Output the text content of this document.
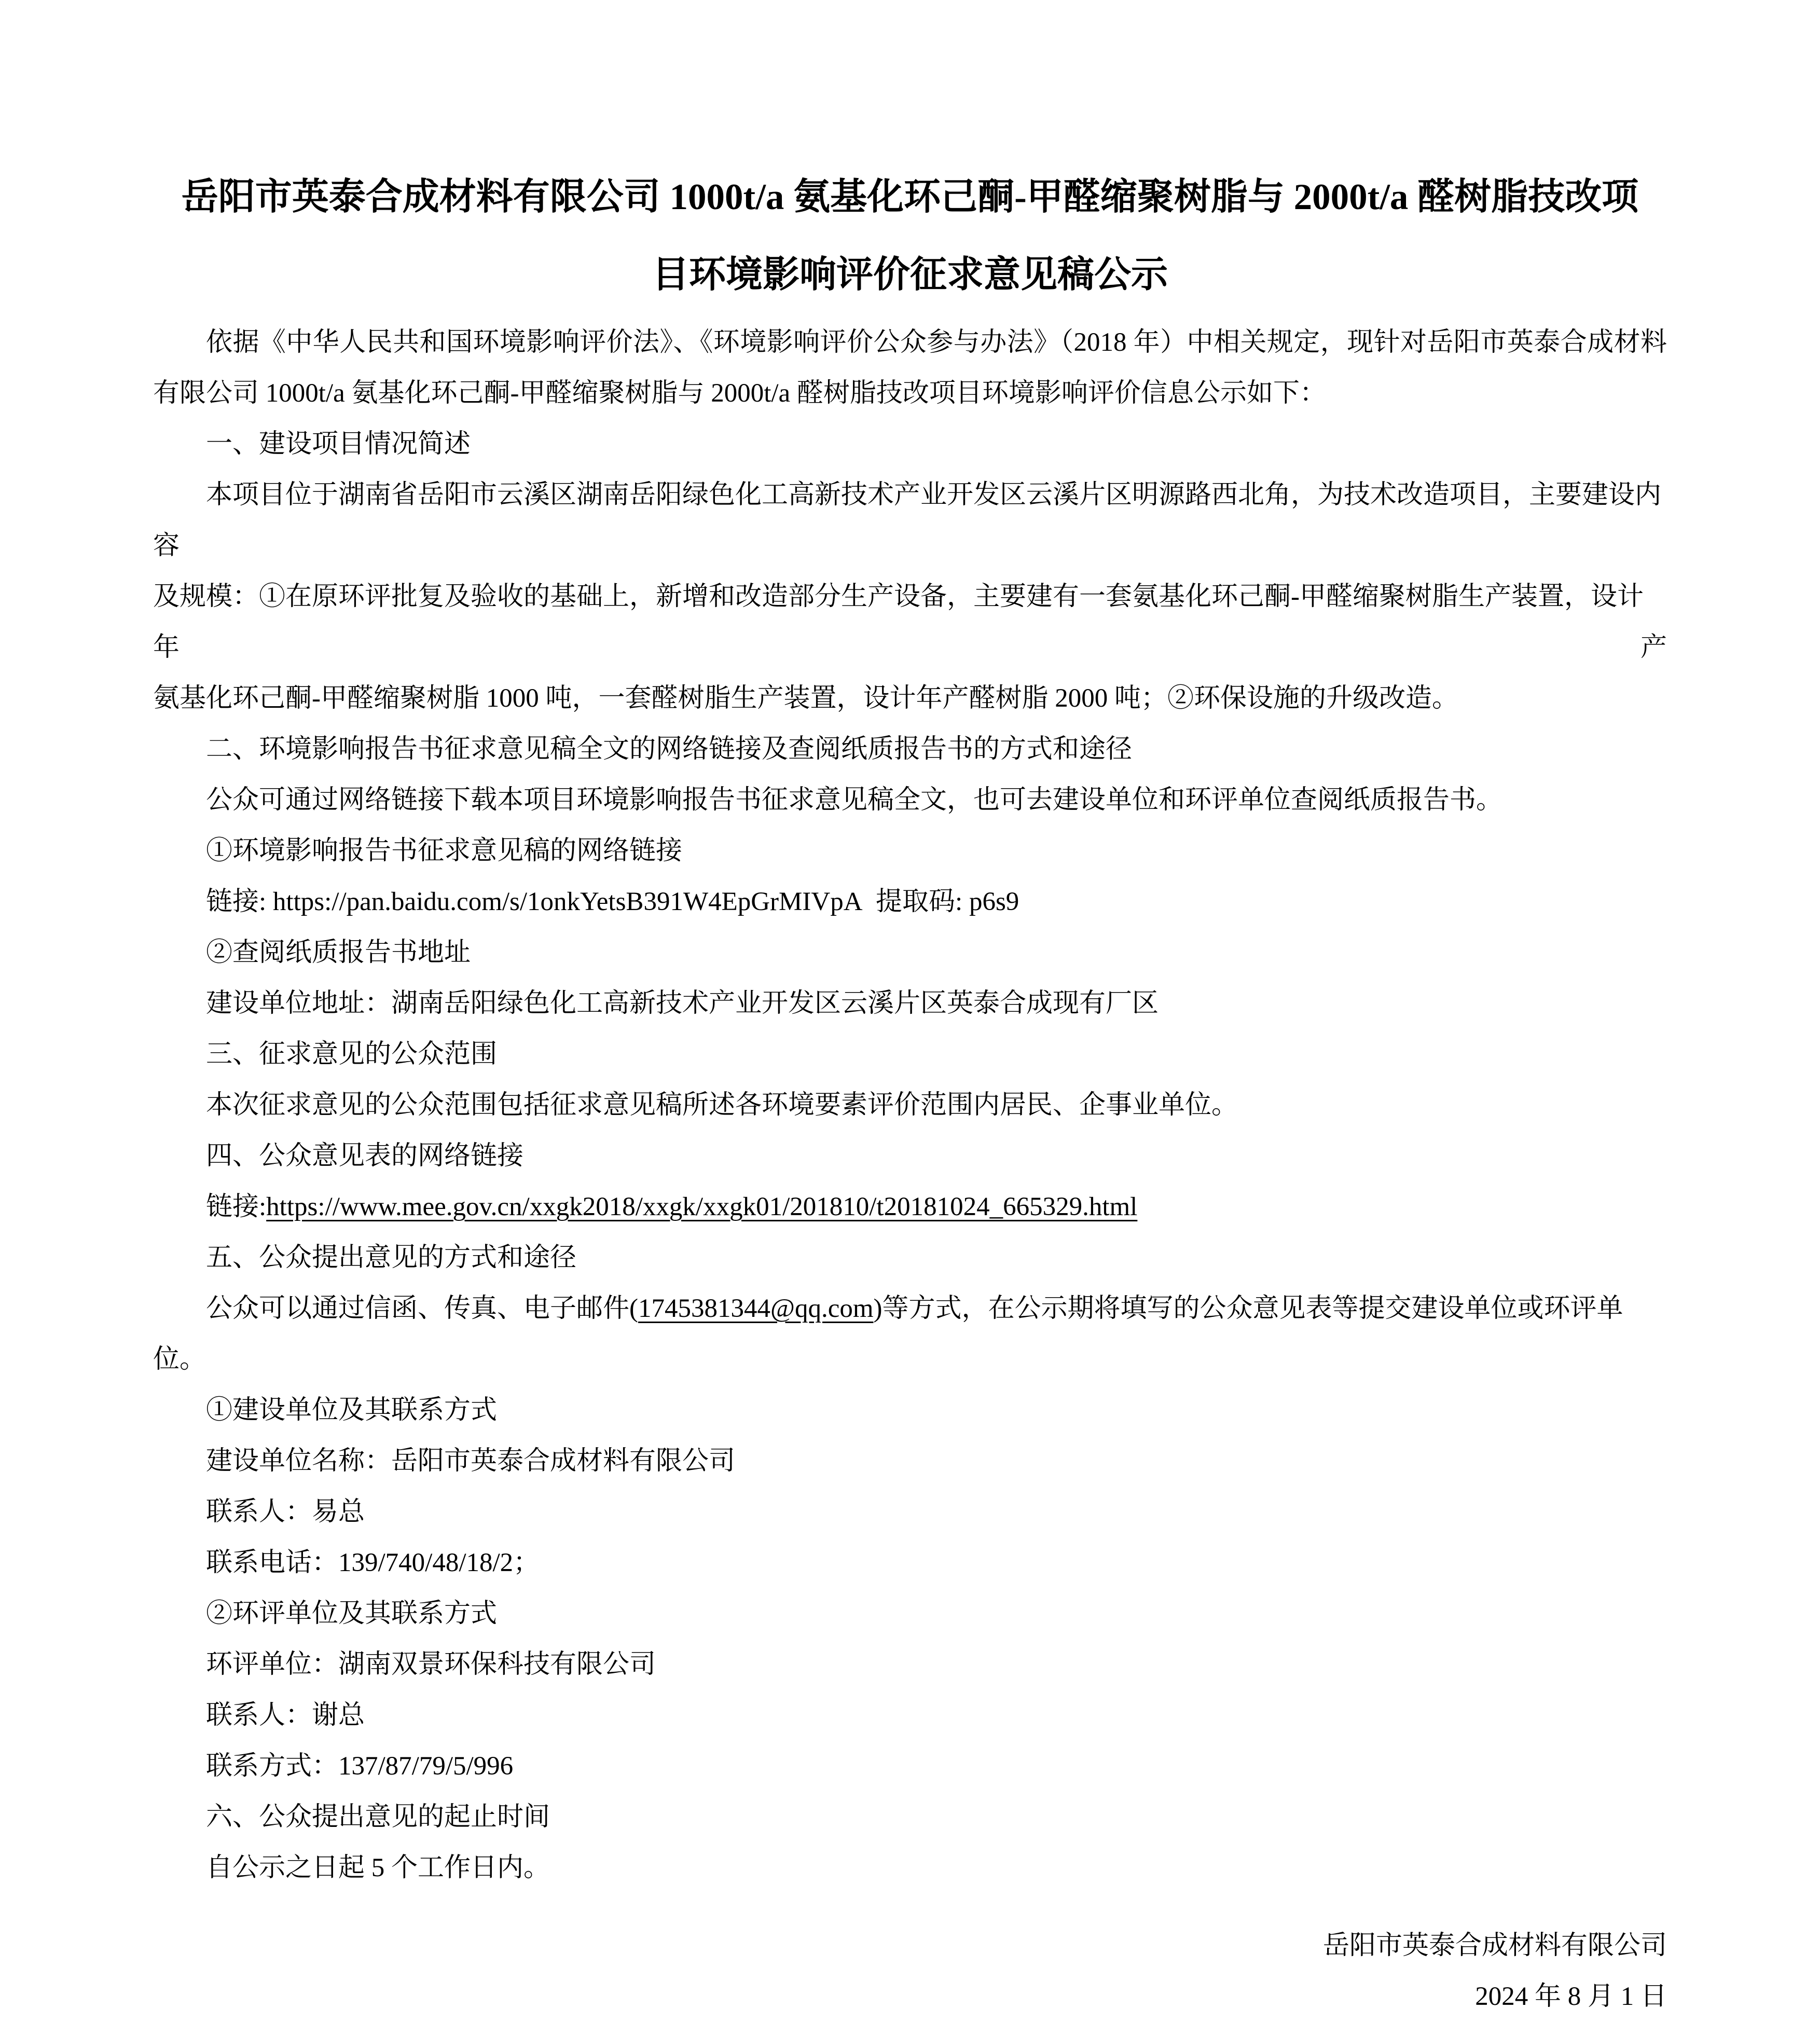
岳阳市英泰合成材料有限公司 1000t/a 氨基化环己酮-甲醛缩聚树脂与 2000t/a 醛树脂技改项

目环境影响评价征求意见稿公示

依据《中华人民共和国环境影响评价法》、《环境影响评价公众参与办法》（2018 年）中相关规定，现针对岳阳市英泰合成材料

有限公司 1000t/a 氨基化环己酮-甲醛缩聚树脂与 2000t/a 醛树脂技改项目环境影响评价信息公示如下：

一、建设项目情况简述

本项目位于湖南省岳阳市云溪区湖南岳阳绿色化工高新技术产业开发区云溪片区明源路西北角，为技术改造项目，主要建设内容

及规模：①在原环评批复及验收的基础上，新增和改造部分生产设备，主要建有一套氨基化环己酮-甲醛缩聚树脂生产装置，设计年产

氨基化环己酮-甲醛缩聚树脂 1000 吨，一套醛树脂生产装置，设计年产醛树脂 2000 吨；②环保设施的升级改造。

二、环境影响报告书征求意见稿全文的网络链接及查阅纸质报告书的方式和途径

公众可通过网络链接下载本项目环境影响报告书征求意见稿全文，也可去建设单位和环评单位查阅纸质报告书。

①环境影响报告书征求意见稿的网络链接

链接: https://pan.baidu.com/s/1onkYetsB391W4EpGrMIVpA  提取码: p6s9

②查阅纸质报告书地址

建设单位地址：湖南岳阳绿色化工高新技术产业开发区云溪片区英泰合成现有厂区

三、征求意见的公众范围

本次征求意见的公众范围包括征求意见稿所述各环境要素评价范围内居民、企事业单位。

四、公众意见表的网络链接

链接:https://www.mee.gov.cn/xxgk2018/xxgk/xxgk01/201810/t20181024_665329.html

五、公众提出意见的方式和途径

公众可以通过信函、传真、电子邮件(1745381344@qq.com)等方式，在公示期将填写的公众意见表等提交建设单位或环评单位。

①建设单位及其联系方式

建设单位名称：岳阳市英泰合成材料有限公司

联系人：易总

联系电话：139/740/48/18/2；

②环评单位及其联系方式

环评单位：湖南双景环保科技有限公司

联系人：谢总

联系方式：137/87/79/5/996

六、公众提出意见的起止时间

自公示之日起 5 个工作日内。

岳阳市英泰合成材料有限公司

2024 年 8 月 1 日
